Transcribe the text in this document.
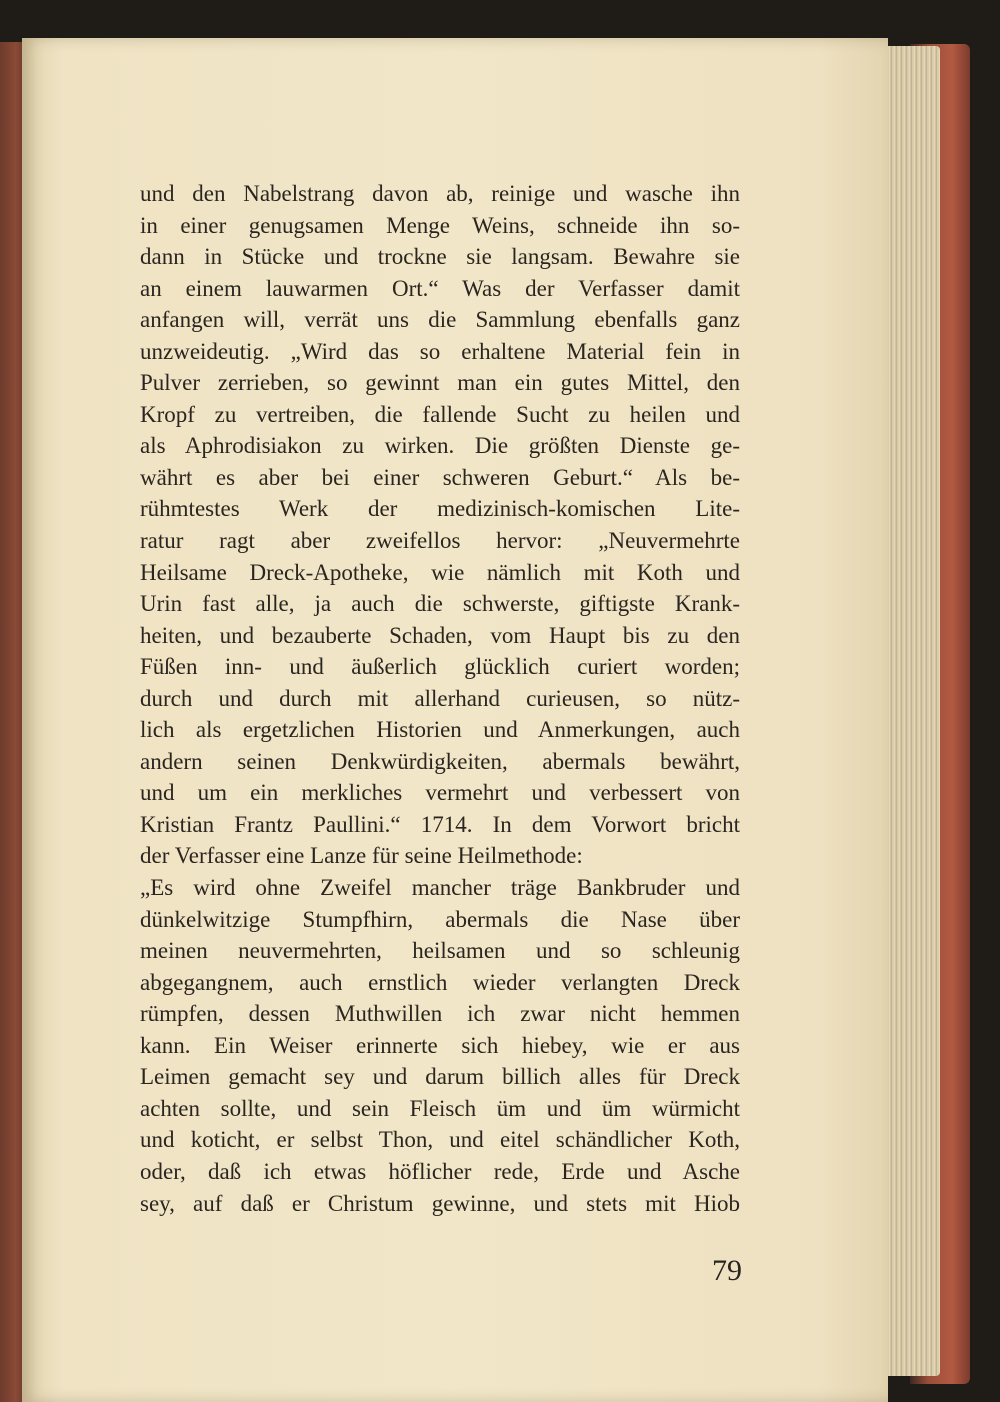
und den Nabelstrang davon ab, reinige und wasche ihn
in einer genugsamen Menge Weins, schneide ihn so-
dann in Stücke und trockne sie langsam. Bewahre sie
an einem lauwarmen Ort.“ Was der Verfasser damit
anfangen will, verrät uns die Sammlung ebenfalls ganz
unzweideutig. „Wird das so erhaltene Material fein in
Pulver zerrieben, so gewinnt man ein gutes Mittel, den
Kropf zu vertreiben, die fallende Sucht zu heilen und
als Aphrodisiakon zu wirken. Die größten Dienste ge-
währt es aber bei einer schweren Geburt.“ Als be-
rühmtestes Werk der medizinisch-komischen Lite-
ratur ragt aber zweifellos hervor: „Neuvermehrte
Heilsame Dreck-Apotheke, wie nämlich mit Koth und
Urin fast alle, ja auch die schwerste, giftigste Krank-
heiten, und bezauberte Schaden, vom Haupt bis zu den
Füßen inn- und äußerlich glücklich curiert worden;
durch und durch mit allerhand curieusen, so nütz-
lich als ergetzlichen Historien und Anmerkungen, auch
andern seinen Denkwürdigkeiten, abermals bewährt,
und um ein merkliches vermehrt und verbessert von
Kristian Frantz Paullini.“ 1714. In dem Vorwort bricht
der Verfasser eine Lanze für seine Heilmethode:
„Es wird ohne Zweifel mancher träge Bankbruder und
dünkelwitzige Stumpfhirn, abermals die Nase über
meinen neuvermehrten, heilsamen und so schleunig
abgegangnem, auch ernstlich wieder verlangten Dreck
rümpfen, dessen Muthwillen ich zwar nicht hemmen
kann. Ein Weiser erinnerte sich hiebey, wie er aus
Leimen gemacht sey und darum billich alles für Dreck
achten sollte, und sein Fleisch üm und üm würmicht
und koticht, er selbst Thon, und eitel schändlicher Koth,
oder, daß ich etwas höflicher rede, Erde und Asche
sey, auf daß er Christum gewinne, und stets mit Hiob
79
